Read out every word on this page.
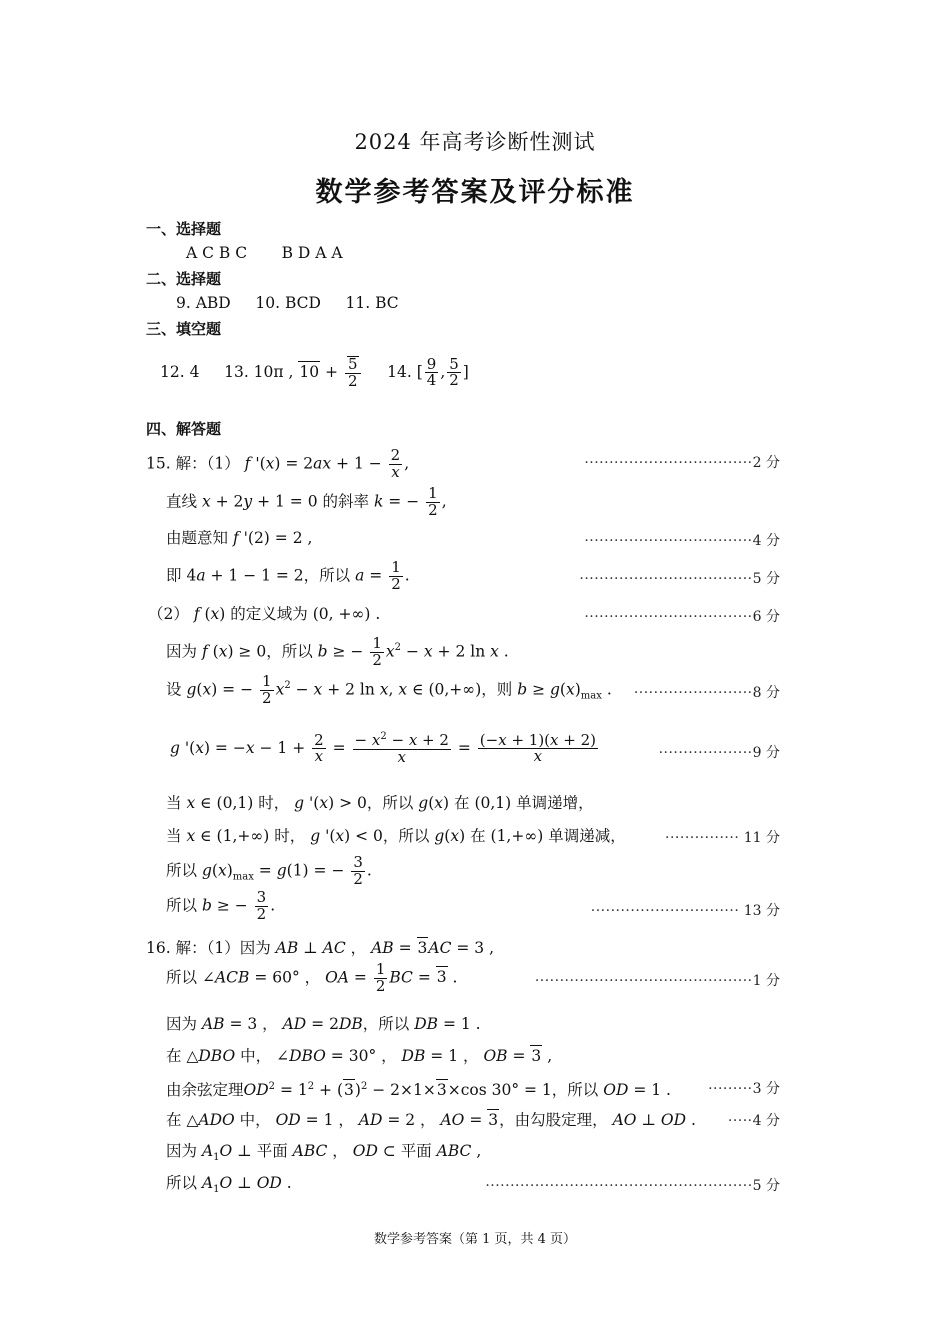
2024 年高考诊断性测试
数学参考答案及评分标准
一、选择题
A C B C       B D A A
二、选择题
9. ABD     10. BCD     11. BC
三、填空题
12. 4 13. 10π , $10 + \frac{5}{2} 14$. [ $\frac{9}{4}$ , $\frac{5}{2}$ ]
四、解答题
15. 解：（1） f '$(x) = 2ax + 1 - \frac{2}{x}$ ,	··································2 分
直线 x + 2y + 1 = 0 的斜率 k = − $\frac{1}{2}$ ,
由题意知 f '(2) = 2 ,	··································4 分
即 4a + 1 − 1 = 2，所以 $a = \frac{1}{2}$ .	···································5 分
（2） f (x) 的定义域为 (0, +∞) .	··································6 分
因为 f (x) ≥ 0，所以 b ≥ − $\frac{1}{2} x^2 - x + 2$ ln x .
设 g(x) = − $\frac{1}{2} x^2 - x + 2$ ln x, x ∈ (0,+∞)，则 $b \ge g(x)_{max}$ . ························8 分
g '$(x) = -x - 1 + \frac{2}{x} = \frac{- x^2 - x + 2}{x} = \frac{(-x + 1)(x + 2)}{x}$	···················9 分
当 x ∈ (0,1) 时， g '(x) > 0，所以 g(x) 在 (0,1) 单调递增，
当 x ∈ (1,+∞) 时， g '(x) < 0，所以 g(x) 在 (1,+∞) 单调递减，	··············· 11 分
所以 $g(x)_{max} = g(1)$ = − $\frac{3}{2}$ .
所以 b ≥ − $\frac{3}{2}$ .	······························ 13 分
16. 解：（1）因为 AB ⊥ AC ， AB = 3AC = 3 ,
所以 ∠ACB = 60° ， OA = $\frac{1}{2}$ BC = 3 .	············································1 分
因为 AB = 3 ， AD = 2DB，所以 DB = 1 .
在 △DBO 中， ∠DBO = 30° ， DB = 1 ， OB = 3 ,
由余弦定理$OD^2 = 1^2 + (3)^2 - 2\times 1\times 3\times\cos$ 30° = 1，所以 OD = 1 .	·········3 分
在 △ADO 中， OD = 1 ， AD = 2 ， AO = 3，由勾股定理， AO ⊥ OD . ·····4 分
因为 $A_1O$ ⊥ 平面 ABC ， OD ⊂ 平面 ABC ,
所以 $A_1O$ ⊥ OD .	······················································5 分
数学参考答案（第 1 页，共 4 页）
